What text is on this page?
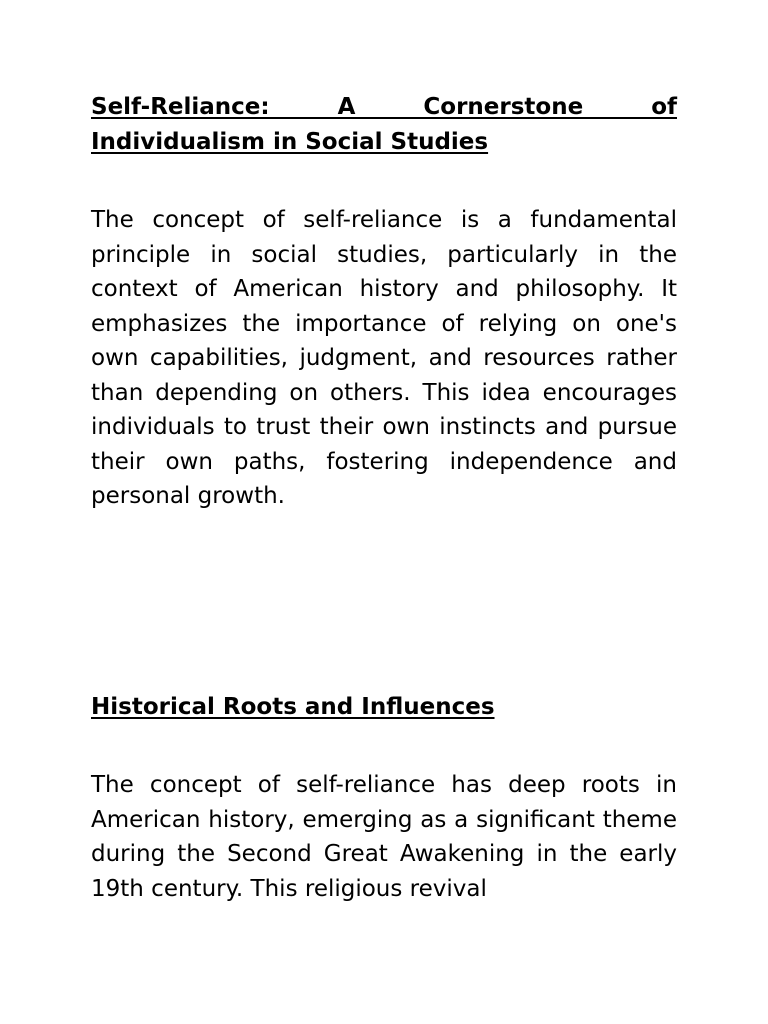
Self-Reliance: A Cornerstone of Individualism in Social Studies

The concept of self-reliance is a fundamental principle in social studies, particularly in the context of American history and philosophy. It emphasizes the importance of relying on one's own capabilities, judgment, and resources rather than depending on others. This idea encourages individuals to trust their own instincts and pursue their own paths, fostering independence and personal growth.

Historical Roots and Influences

The concept of self-reliance has deep roots in American history, emerging as a significant theme during the Second Great Awakening in the early 19th century. This religious revival
